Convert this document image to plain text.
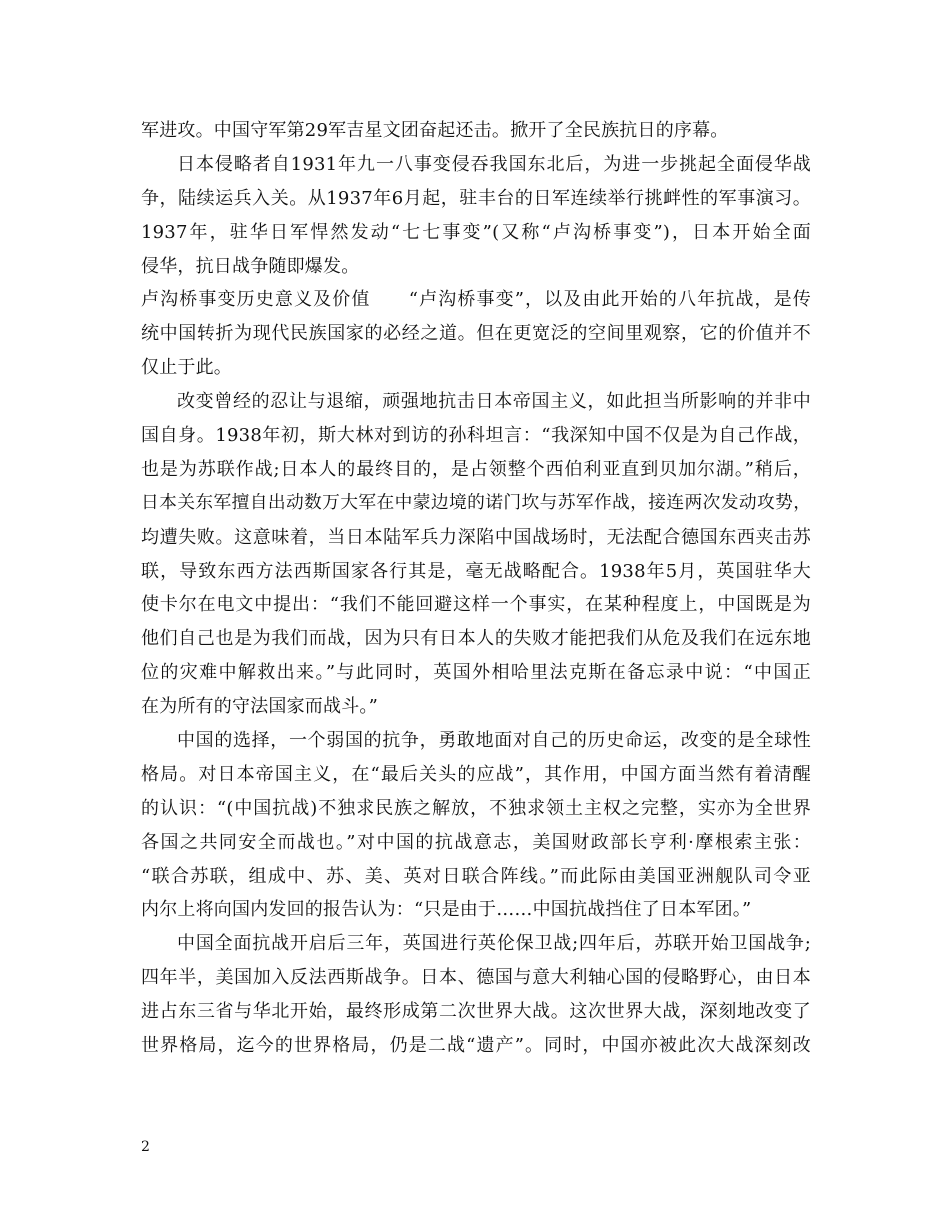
军进攻。中国守军第29军吉星文团奋起还击。掀开了全民族抗日的序幕。
日本侵略者自1931年九一八事变侵吞我国东北后，为进一步挑起全面侵华战
争，陆续运兵入关。从1937年6月起，驻丰台的日军连续举行挑衅性的军事演习。
1937年，驻华日军悍然发动“七七事变”(又称“卢沟桥事变”)，日本开始全面
侵华，抗日战争随即爆发。
卢沟桥事变历史意义及价值　　“卢沟桥事变”，以及由此开始的八年抗战，是传
统中国转折为现代民族国家的必经之道。但在更宽泛的空间里观察，它的价值并不
仅止于此。
改变曾经的忍让与退缩，顽强地抗击日本帝国主义，如此担当所影响的并非中
国自身。1938年初，斯大林对到访的孙科坦言：“我深知中国不仅是为自己作战，
也是为苏联作战;日本人的最终目的，是占领整个西伯利亚直到贝加尔湖。”稍后，
日本关东军擅自出动数万大军在中蒙边境的诺门坎与苏军作战，接连两次发动攻势，
均遭失败。这意味着，当日本陆军兵力深陷中国战场时，无法配合德国东西夹击苏
联，导致东西方法西斯国家各行其是，毫无战略配合。1938年5月，英国驻华大
使卡尔在电文中提出：“我们不能回避这样一个事实，在某种程度上，中国既是为
他们自己也是为我们而战，因为只有日本人的失败才能把我们从危及我们在远东地
位的灾难中解救出来。”与此同时，英国外相哈里法克斯在备忘录中说：“中国正
在为所有的守法国家而战斗。”
中国的选择，一个弱国的抗争，勇敢地面对自己的历史命运，改变的是全球性
格局。对日本帝国主义，在“最后关头的应战”，其作用，中国方面当然有着清醒
的认识：“(中国抗战)不独求民族之解放，不独求领土主权之完整，实亦为全世界
各国之共同安全而战也。”对中国的抗战意志，美国财政部长亨利·摩根索主张：
“联合苏联，组成中、苏、美、英对日联合阵线。”而此际由美国亚洲舰队司令亚
内尔上将向国内发回的报告认为：“只是由于……中国抗战挡住了日本军团。”
中国全面抗战开启后三年，英国进行英伦保卫战;四年后，苏联开始卫国战争;
四年半，美国加入反法西斯战争。日本、德国与意大利轴心国的侵略野心，由日本
进占东三省与华北开始，最终形成第二次世界大战。这次世界大战，深刻地改变了
世界格局，迄今的世界格局，仍是二战“遗产”。同时，中国亦被此次大战深刻改
2
